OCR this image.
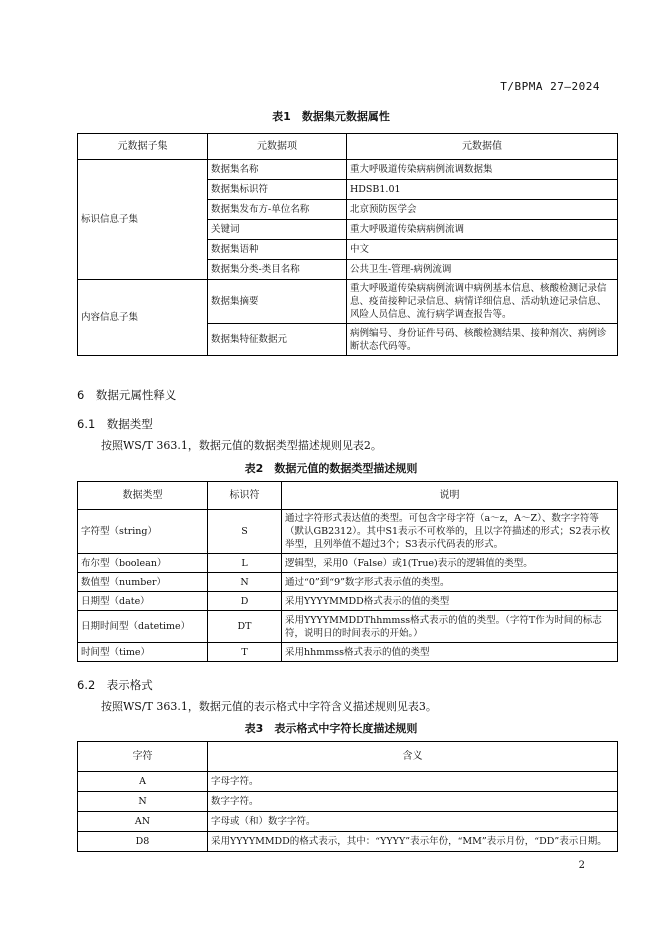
T/BPMA 27—2024
表1　数据集元数据属性
元数据子集	元数据项	元数据值
标识信息子集	数据集名称	重大呼吸道传染病病例流调数据集
	数据集标识符	HDSB1.01
	数据集发布方-单位名称	北京预防医学会
	关键词	重大呼吸道传染病病例流调
	数据集语种	中文
	数据集分类-类目名称	公共卫生-管理-病例流调
内容信息子集	数据集摘要	重大呼吸道传染病病例流调中病例基本信息、核酸检测记录信息、疫苗接种记录信息、病情详细信息、活动轨迹记录信息、风险人员信息、流行病学调查报告等。
	数据集特征数据元	病例编号、身份证件号码、核酸检测结果、接种剂次、病例诊断状态代码等。
6　数据元属性释义
6.1　数据类型
按照WS/T 363.1，数据元值的数据类型描述规则见表2。
表2　数据元值的数据类型描述规则
数据类型	标识符	说明
字符型（string）	S	通过字符形式表达值的类型。可包含字母字符（a～z，A～Z）、数字字符等（默认GB2312）。其中S1表示不可枚举的，且以字符描述的形式；S2表示枚举型，且列举值不超过3个；S3表示代码表的形式。
布尔型（boolean）	L	逻辑型，采用0（False）或1(True)表示的逻辑值的类型。
数值型（number）	N	通过“0”到“9”数字形式表示值的类型。
日期型（date）	D	采用YYYYMMDD格式表示的值的类型
日期时间型（datetime）	DT	采用YYYYMMDDThhmmss格式表示的值的类型。（字符T作为时间的标志符，说明日的时间表示的开始。）
时间型（time）	T	采用hhmmss格式表示的值的类型
6.2　表示格式
按照WS/T 363.1，数据元值的表示格式中字符含义描述规则见表3。
表3　表示格式中字符长度描述规则
字符	含义
A	字母字符。
N	数字字符。
AN	字母或（和）数字字符。
D8	采用YYYYMMDD的格式表示，其中：“YYYY”表示年份，“MM”表示月份，“DD”表示日期。
2
